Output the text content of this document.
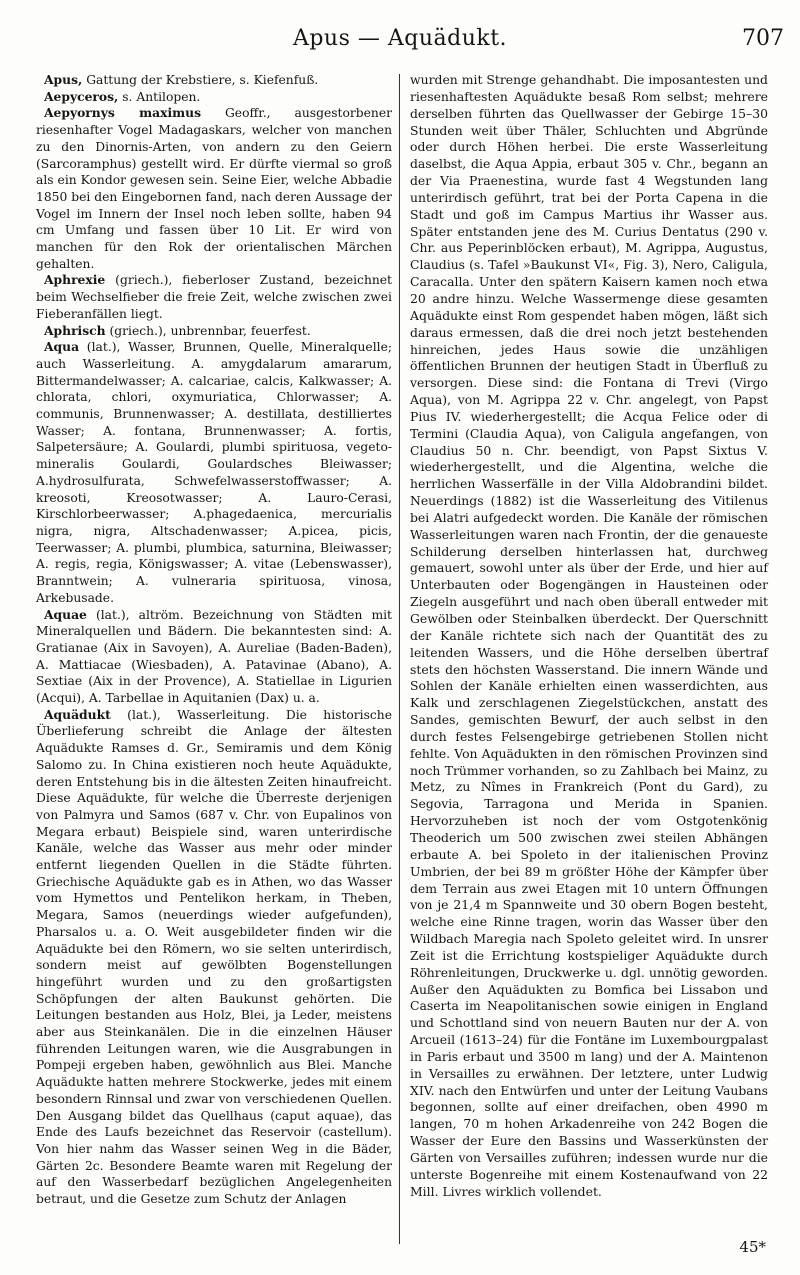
Apus — Aquädukt.	707

Apus, Gattung der Krebstiere, s. Kiefenfuß.

Aepyceros, s. Antilopen.

Aepyornys maximus Geoffr., ausgestorbener riesenhafter Vogel Madagaskars, welcher von manchen zu den Dinornis-Arten, von andern zu den Geiern (Sarcoramphus) gestellt wird. Er dürfte viermal so groß als ein Kondor gewesen sein. Seine Eier, welche Abbadie 1850 bei den Eingebornen fand, nach deren Aussage der Vogel im Innern der Insel noch leben sollte, haben 94 cm Umfang und fassen über 10 Lit. Er wird von manchen für den Rok der orientalischen Märchen gehalten.

Aphrexie (griech.), fieberloser Zustand, bezeichnet beim Wechselfieber die freie Zeit, welche zwischen zwei Fieberanfällen liegt.

Aphrisch (griech.), unbrennbar, feuerfest.

Aqua (lat.), Wasser, Brunnen, Quelle, Mineralquelle; auch Wasserleitung. A. amygdalarum amararum, Bittermandelwasser; A. calcariae, calcis, Kalkwasser; A. chlorata, chlori, oxymuriatica, Chlorwasser; A. communis, Brunnenwasser; A. destillata, destilliertes Wasser; A. fontana, Brunnenwasser; A. fortis, Salpetersäure; A. Goulardi, plumbi spirituosa, vegeto-mineralis Goulardi, Goulardsches Bleiwasser; A.hydrosulfurata, Schwefelwasserstoffwasser; A. kreosoti, Kreosotwasser; A. Lauro-Cerasi, Kirschlorbeerwasser; A.phagedaenica, mercurialis nigra, nigra, Altschadenwasser; A.picea, picis, Teerwasser; A. plumbi, plumbica, saturnina, Bleiwasser; A. regis, regia, Königswasser; A. vitae (Lebenswasser), Branntwein; A. vulneraria spirituosa, vinosa, Arkebusade.

Aquae (lat.), altröm. Bezeichnung von Städten mit Mineralquellen und Bädern. Die bekanntesten sind: A. Gratianae (Aix in Savoyen), A. Aureliae (Baden-Baden), A. Mattiacae (Wiesbaden), A. Patavinae (Abano), A. Sextiae (Aix in der Provence), A. Statiellae in Ligurien (Acqui), A. Tarbellae in Aquitanien (Dax) u. a.

Aquädukt (lat.), Wasserleitung. Die historische Überlieferung schreibt die Anlage der ältesten Aquädukte Ramses d. Gr., Semiramis und dem König Salomo zu. In China existieren noch heute Aquädukte, deren Entstehung bis in die ältesten Zeiten hinaufreicht. Diese Aquädukte, für welche die Überreste derjenigen von Palmyra und Samos (687 v. Chr. von Eupalinos von Megara erbaut) Beispiele sind, waren unterirdische Kanäle, welche das Wasser aus mehr oder minder entfernt liegenden Quellen in die Städte führten. Griechische Aquädukte gab es in Athen, wo das Wasser vom Hymettos und Pentelikon herkam, in Theben, Megara, Samos (neuerdings wieder aufgefunden), Pharsalos u. a. O. Weit ausgebildeter finden wir die Aquädukte bei den Römern, wo sie selten unterirdisch, sondern meist auf gewölbten Bogenstellungen hingeführt wurden und zu den großartigsten Schöpfungen der alten Baukunst gehörten. Die Leitungen bestanden aus Holz, Blei, ja Leder, meistens aber aus Steinkanälen. Die in die einzelnen Häuser führenden Leitungen waren, wie die Ausgrabungen in Pompeji ergeben haben, gewöhnlich aus Blei. Manche Aquädukte hatten mehrere Stockwerke, jedes mit einem besondern Rinnsal und zwar von verschiedenen Quellen. Den Ausgang bildet das Quellhaus (caput aquae), das Ende des Laufs bezeichnet das Reservoir (castellum). Von hier nahm das Wasser seinen Weg in die Bäder, Gärten 2c. Besondere Beamte waren mit Regelung der auf den Wasserbedarf bezüglichen Angelegenheiten betraut, und die Gesetze zum Schutz der Anlagen

wurden mit Strenge gehandhabt. Die imposantesten und riesenhaftesten Aquädukte besaß Rom selbst; mehrere derselben führten das Quellwasser der Gebirge 15–30 Stunden weit über Thäler, Schluchten und Abgründe oder durch Höhen herbei. Die erste Wasserleitung daselbst, die Aqua Appia, erbaut 305 v. Chr., begann an der Via Praenestina, wurde fast 4 Wegstunden lang unterirdisch geführt, trat bei der Porta Capena in die Stadt und goß im Campus Martius ihr Wasser aus. Später entstanden jene des M. Curius Dentatus (290 v. Chr. aus Peperinblöcken erbaut), M. Agrippa, Augustus, Claudius (s. Tafel »Baukunst VI«, Fig. 3), Nero, Caligula, Caracalla. Unter den spätern Kaisern kamen noch etwa 20 andre hinzu. Welche Wassermenge diese gesamten Aquädukte einst Rom gespendet haben mögen, läßt sich daraus ermessen, daß die drei noch jetzt bestehenden hinreichen, jedes Haus sowie die unzähligen öffentlichen Brunnen der heutigen Stadt in Überfluß zu versorgen. Diese sind: die Fontana di Trevi (Virgo Aqua), von M. Agrippa 22 v. Chr. angelegt, von Papst Pius IV. wiederhergestellt; die Acqua Felice oder di Termini (Claudia Aqua), von Caligula angefangen, von Claudius 50 n. Chr. beendigt, von Papst Sixtus V. wiederhergestellt, und die Algentina, welche die herrlichen Wasserfälle in der Villa Aldobrandini bildet. Neuerdings (1882) ist die Wasserleitung des Vitilenus bei Alatri aufgedeckt worden. Die Kanäle der römischen Wasserleitungen waren nach Frontin, der die genaueste Schilderung derselben hinterlassen hat, durchweg gemauert, sowohl unter als über der Erde, und hier auf Unterbauten oder Bogengängen in Hausteinen oder Ziegeln ausgeführt und nach oben überall entweder mit Gewölben oder Steinbalken überdeckt. Der Querschnitt der Kanäle richtete sich nach der Quantität des zu leitenden Wassers, und die Höhe derselben übertraf stets den höchsten Wasserstand. Die innern Wände und Sohlen der Kanäle erhielten einen wasserdichten, aus Kalk und zerschlagenen Ziegelstückchen, anstatt des Sandes, gemischten Bewurf, der auch selbst in den durch festes Felsengebirge getriebenen Stollen nicht fehlte. Von Aquädukten in den römischen Provinzen sind noch Trümmer vorhanden, so zu Zahlbach bei Mainz, zu Metz, zu Nîmes in Frankreich (Pont du Gard), zu Segovia, Tarragona und Merida in Spanien. Hervorzuheben ist noch der vom Ostgotenkönig Theoderich um 500 zwischen zwei steilen Abhängen erbaute A. bei Spoleto in der italienischen Provinz Umbrien, der bei 89 m größter Höhe der Kämpfer über dem Terrain aus zwei Etagen mit 10 untern Öffnungen von je 21,4 m Spannweite und 30 obern Bogen besteht, welche eine Rinne tragen, worin das Wasser über den Wildbach Maregia nach Spoleto geleitet wird. In unsrer Zeit ist die Errichtung kostspieliger Aquädukte durch Röhrenleitungen, Druckwerke u. dgl. unnötig geworden. Außer den Aquädukten zu Bomfica bei Lissabon und Caserta im Neapolitanischen sowie einigen in England und Schottland sind von neuern Bauten nur der A. von Arcueil (1613–24) für die Fontäne im Luxembourgpalast in Paris erbaut und 3500 m lang) und der A. Maintenon in Versailles zu erwähnen. Der letztere, unter Ludwig XIV. nach den Entwürfen und unter der Leitung Vaubans begonnen, sollte auf einer dreifachen, oben 4990 m langen, 70 m hohen Arkadenreihe von 242 Bogen die Wasser der Eure den Bassins und Wasserkünsten der Gärten von Versailles zuführen; indessen wurde nur die unterste Bogenreihe mit einem Kostenaufwand von 22 Mill. Livres wirklich vollendet.

45*
